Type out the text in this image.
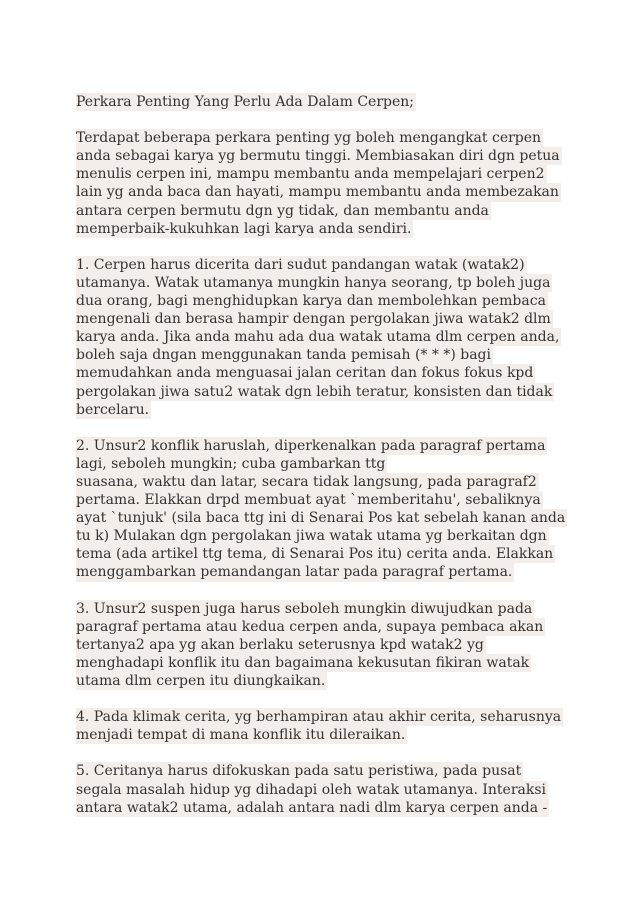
Perkara Penting Yang Perlu Ada Dalam Cerpen;
Terdapat beberapa perkara penting yg boleh mengangkat cerpen
anda sebagai karya yg bermutu tinggi. Membiasakan diri dgn petua
menulis cerpen ini, mampu membantu anda mempelajari cerpen2
lain yg anda baca dan hayati, mampu membantu anda membezakan
antara cerpen bermutu dgn yg tidak, dan membantu anda
memperbaik-kukuhkan lagi karya anda sendiri.
1. Cerpen harus dicerita dari sudut pandangan watak (watak2)
utamanya. Watak utamanya mungkin hanya seorang, tp boleh juga
dua orang, bagi menghidupkan karya dan membolehkan pembaca
mengenali dan berasa hampir dengan pergolakan jiwa watak2 dlm
karya anda. Jika anda mahu ada dua watak utama dlm cerpen anda,
boleh saja dngan menggunakan tanda pemisah (* * *) bagi
memudahkan anda menguasai jalan ceritan dan fokus fokus kpd
pergolakan jiwa satu2 watak dgn lebih teratur, konsisten dan tidak
bercelaru.
2. Unsur2 konflik haruslah, diperkenalkan pada paragraf pertama
lagi, seboleh mungkin; cuba gambarkan ttg
suasana, waktu dan latar, secara tidak langsung, pada paragraf2
pertama. Elakkan drpd membuat ayat `memberitahu', sebaliknya
ayat `tunjuk' (sila baca ttg ini di Senarai Pos kat sebelah kanan anda
tu k) Mulakan dgn pergolakan jiwa watak utama yg berkaitan dgn
tema (ada artikel ttg tema, di Senarai Pos itu) cerita anda. Elakkan
menggambarkan pemandangan latar pada paragraf pertama.
3. Unsur2 suspen juga harus seboleh mungkin diwujudkan pada
paragraf pertama atau kedua cerpen anda, supaya pembaca akan
tertanya2 apa yg akan berlaku seterusnya kpd watak2 yg
menghadapi konflik itu dan bagaimana kekusutan fikiran watak
utama dlm cerpen itu diungkaikan.
4. Pada klimak cerita, yg berhampiran atau akhir cerita, seharusnya
menjadi tempat di mana konflik itu dileraikan.
5. Ceritanya harus difokuskan pada satu peristiwa, pada pusat
segala masalah hidup yg dihadapi oleh watak utamanya. Interaksi
antara watak2 utama, adalah antara nadi dlm karya cerpen anda -
